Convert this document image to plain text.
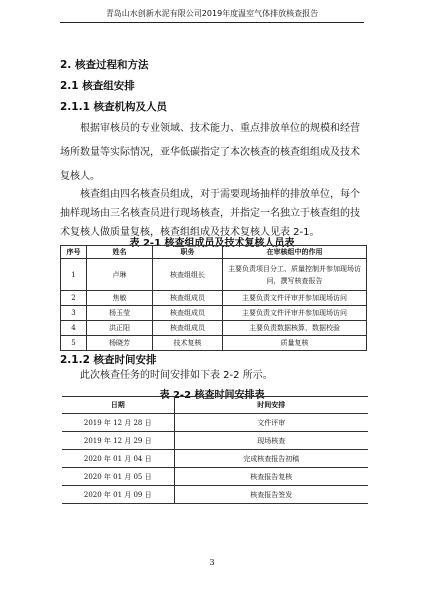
青岛山水创新水泥有限公司2019年度温室气体排放核查报告
2. 核查过程和方法
2.1 核查组安排
2.1.1 核查机构及人员
根据审核员的专业领域、技术能力、重点排放单位的规模和经营
场所数量等实际情况，亚华低碳指定了本次核查的核查组组成及技术
复核人。
核查组由四名核查员组成，对于需要现场抽样的排放单位，每个
抽样现场由三名核查员进行现场核查，并指定一名独立于核查组的技
术复核人做质量复核，核查组组成及技术复核人见表 2-1。
表 2-1 核查组成员及技术复核人员表
序号	姓名	职务	在审核组中的作用
1	卢琳	核查组组长	主要负责项目分工、质量控制并参加现场访问，撰写核查报告
2	焦敏	核查组成员	主要负责文件评审并参加现场访问
3	杨玉莹	核查组成员	主要负责文件评审并参加现场访问
4	洪正阳	核查组成员	主要负责数据核算，数据校验
5	杨晓芳	技术复核	质量复核
2.1.2 核查时间安排
此次核查任务的时间安排如下表 2-2 所示。
表 2-2 核查时间安排表
日期	时间安排
2019 年 12 月 28 日	文件评审
2019 年 12 月 29 日	现场核查
2020 年 01 月 04 日	完成核查报告初稿
2020 年 01 月 05 日	核查报告复核
2020 年 01 月 09 日	核查报告签发
3
